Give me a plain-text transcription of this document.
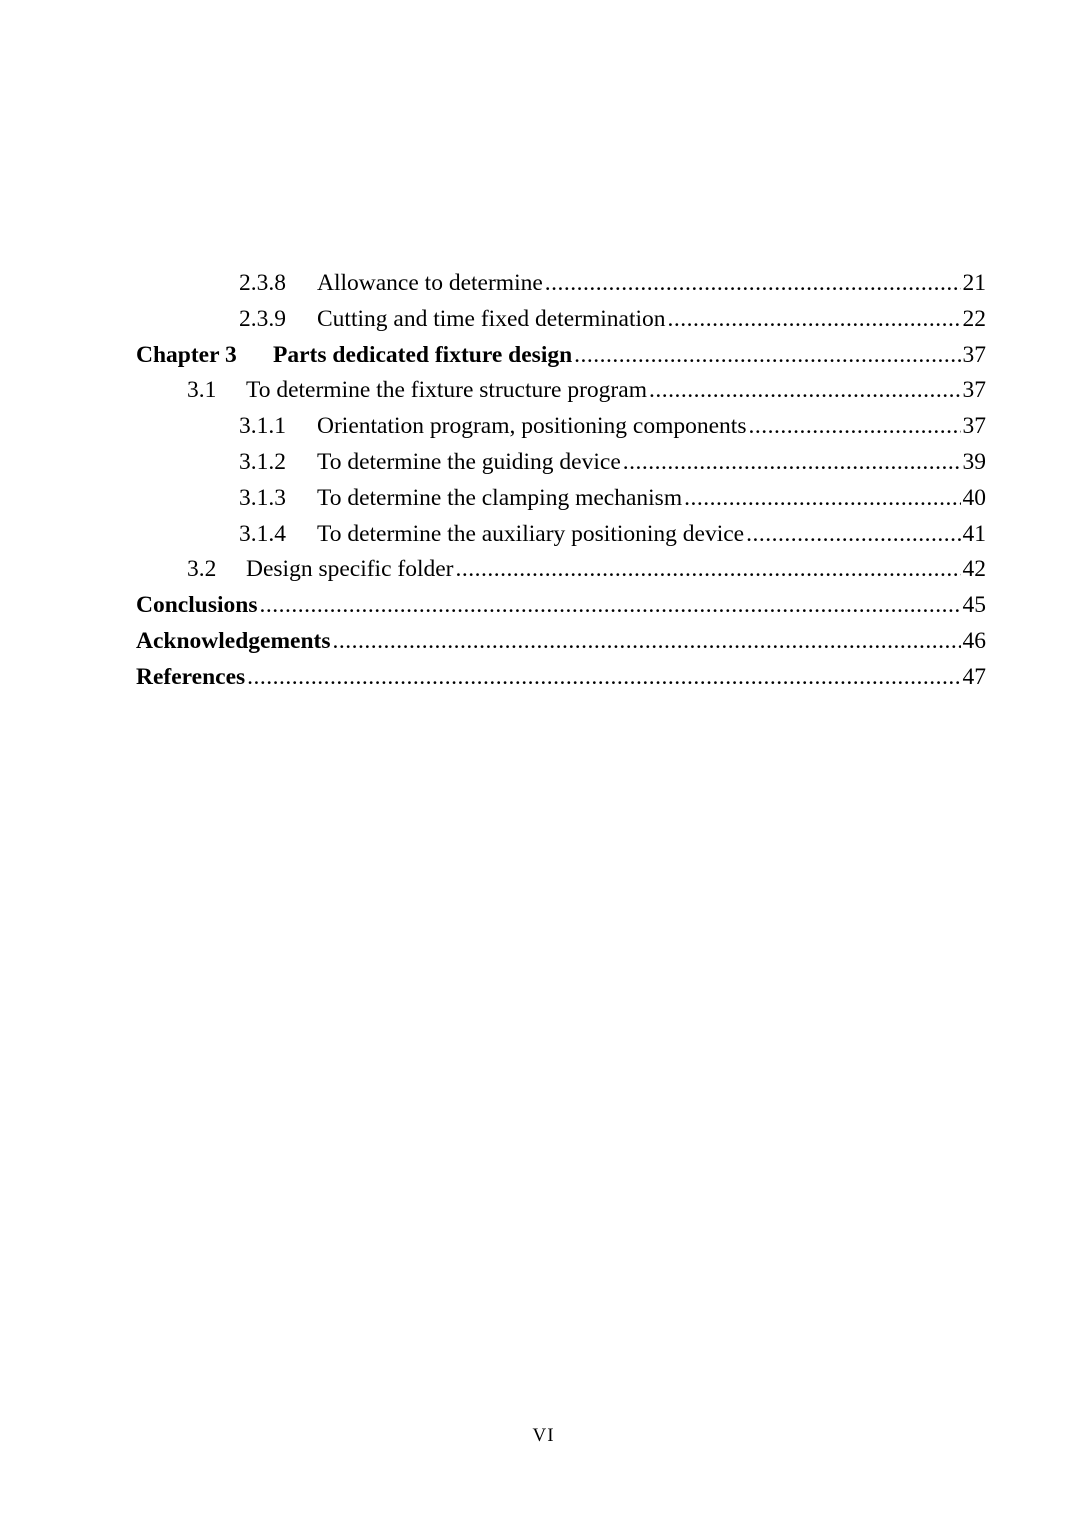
2.3.8	Allowance to determine .....	21
2.3.9	Cutting and time fixed determination .....	22
Chapter 3	Parts dedicated fixture design .....	37
3.1	To determine the fixture structure program .....	37
3.1.1	Orientation program, positioning components .....	37
3.1.2	To determine the guiding device .....	39
3.1.3	To determine the clamping mechanism .....	40
3.1.4	To determine the auxiliary positioning device .....	41
3.2	Design specific folder .....	42
Conclusions .....	45
Acknowledgements .....	46
References .....	47
VI
